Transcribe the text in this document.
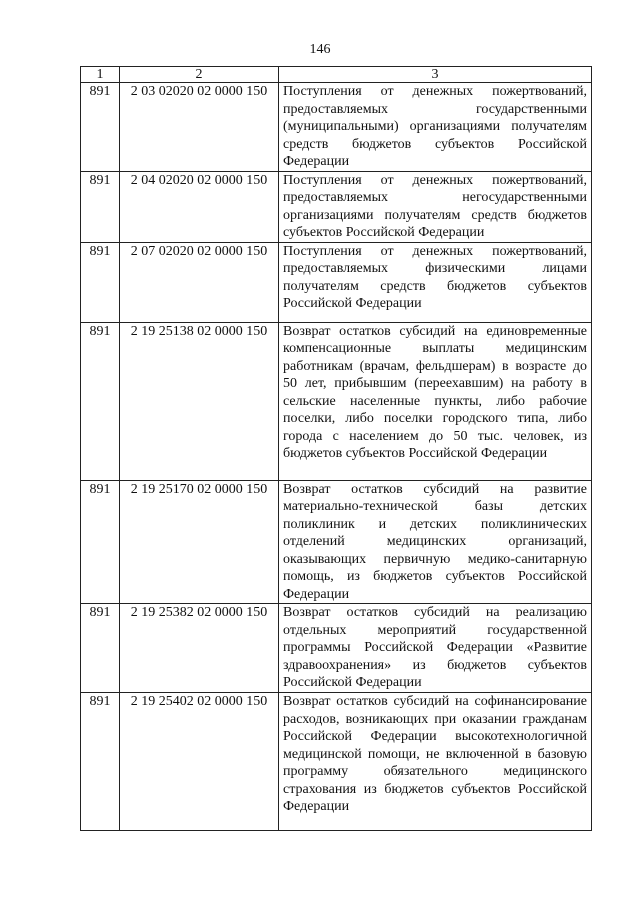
146
1	2	3
891	2 03 02020 02 0000 150	Поступления от денежных пожертвований, предоставляемых государственными (муниципальными) организациями получателям средств бюджетов субъектов Российской Федерации
891	2 04 02020 02 0000 150	Поступления от денежных пожертвований, предоставляемых негосударственными организациями получателям средств бюджетов субъектов Российской Федерации
891	2 07 02020 02 0000 150	Поступления от денежных пожертвований, предоставляемых физическими лицами получателям средств бюджетов субъектов Российской Федерации
891	2 19 25138 02 0000 150	Возврат остатков субсидий на единовременные компенсационные выплаты медицинским работникам (врачам, фельдшерам) в возрасте до 50 лет, прибывшим (переехавшим) на работу в сельские населенные пункты, либо рабочие поселки, либо поселки городского типа, либо города с населением до 50 тыс. человек, из бюджетов субъектов Российской Федерации
891	2 19 25170 02 0000 150	Возврат остатков субсидий на развитие материально-технической базы детских поликлиник и детских поликлинических отделений медицинских организаций, оказывающих первичную медико-санитарную помощь, из бюджетов субъектов Российской Федерации
891	2 19 25382 02 0000 150	Возврат остатков субсидий на реализацию отдельных мероприятий государственной программы Российской Федерации «Развитие здравоохранения» из бюджетов субъектов Российской Федерации
891	2 19 25402 02 0000 150	Возврат остатков субсидий на софинансирование расходов, возникающих при оказании гражданам Российской Федерации высокотехнологичной медицинской помощи, не включенной в базовую программу обязательного медицинского страхования из бюджетов субъектов Российской Федерации
